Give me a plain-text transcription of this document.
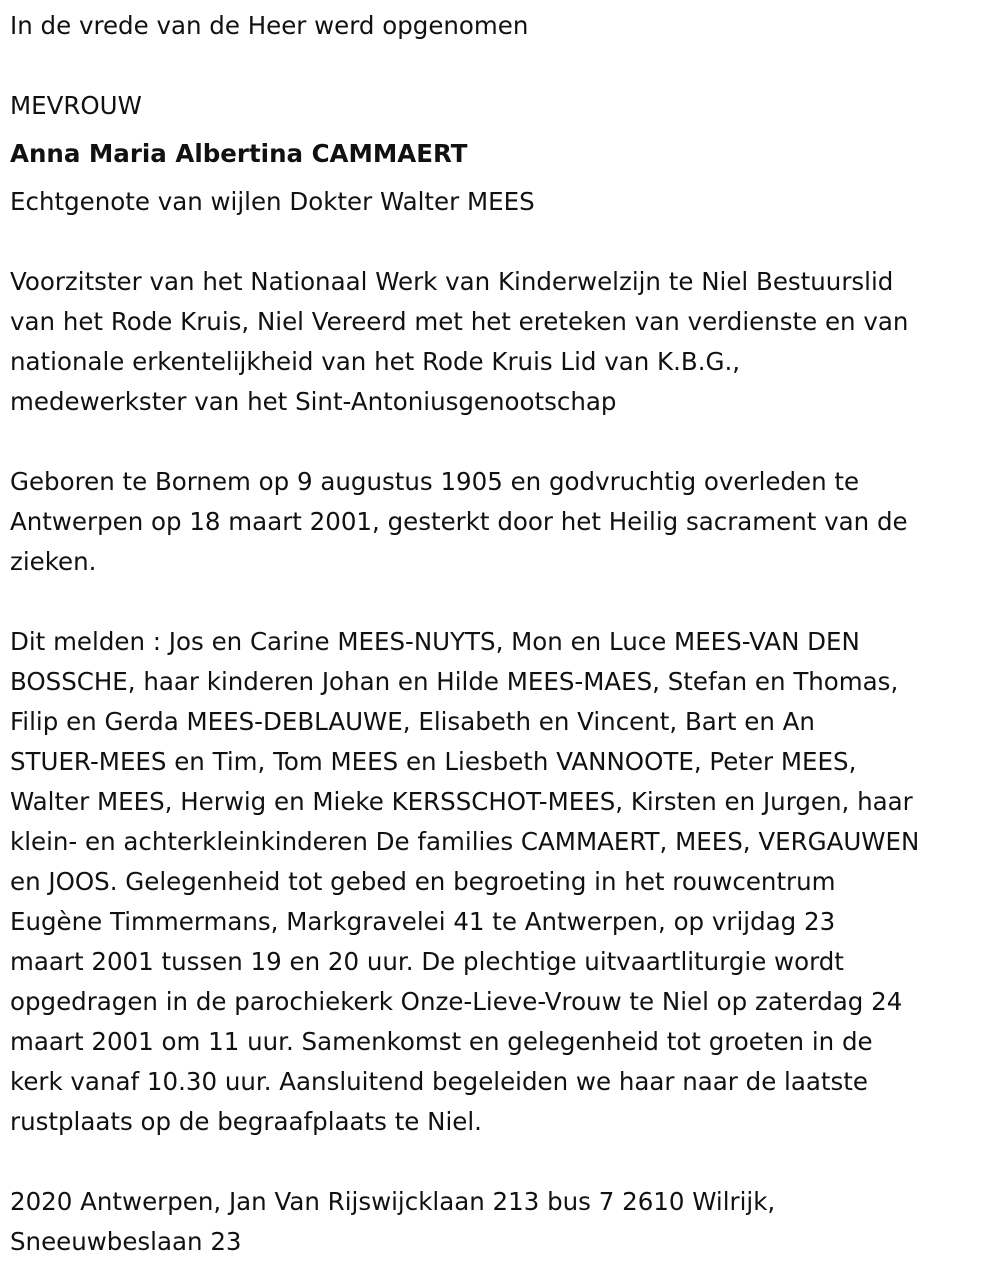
In de vrede van de Heer werd opgenomen

MEVROUW

Anna Maria Albertina CAMMAERT

Echtgenote van wijlen Dokter Walter MEES

Voorzitster van het Nationaal Werk van Kinderwelzijn te Niel Bestuurslid

van het Rode Kruis, Niel Vereerd met het ereteken van verdienste en van

nationale erkentelijkheid van het Rode Kruis Lid van K.B.G.,

medewerkster van het Sint-Antoniusgenootschap

Geboren te Bornem op 9 augustus 1905 en godvruchtig overleden te

Antwerpen op 18 maart 2001, gesterkt door het Heilig sacrament van de

zieken.

Dit melden : Jos en Carine MEES-NUYTS, Mon en Luce MEES-VAN DEN

BOSSCHE, haar kinderen Johan en Hilde MEES-MAES, Stefan en Thomas,

Filip en Gerda MEES-DEBLAUWE, Elisabeth en Vincent, Bart en An

STUER-MEES en Tim, Tom MEES en Liesbeth VANNOOTE, Peter MEES,

Walter MEES, Herwig en Mieke KERSSCHOT-MEES, Kirsten en Jurgen, haar

klein- en achterkleinkinderen De families CAMMAERT, MEES, VERGAUWEN

en JOOS. Gelegenheid tot gebed en begroeting in het rouwcentrum

Eugène Timmermans, Markgravelei 41 te Antwerpen, op vrijdag 23

maart 2001 tussen 19 en 20 uur. De plechtige uitvaartliturgie wordt

opgedragen in de parochiekerk Onze-Lieve-Vrouw te Niel op zaterdag 24

maart 2001 om 11 uur. Samenkomst en gelegenheid tot groeten in de

kerk vanaf 10.30 uur. Aansluitend begeleiden we haar naar de laatste

rustplaats op de begraafplaats te Niel.

2020 Antwerpen, Jan Van Rijswijcklaan 213 bus 7 2610 Wilrijk,

Sneeuwbeslaan 23
